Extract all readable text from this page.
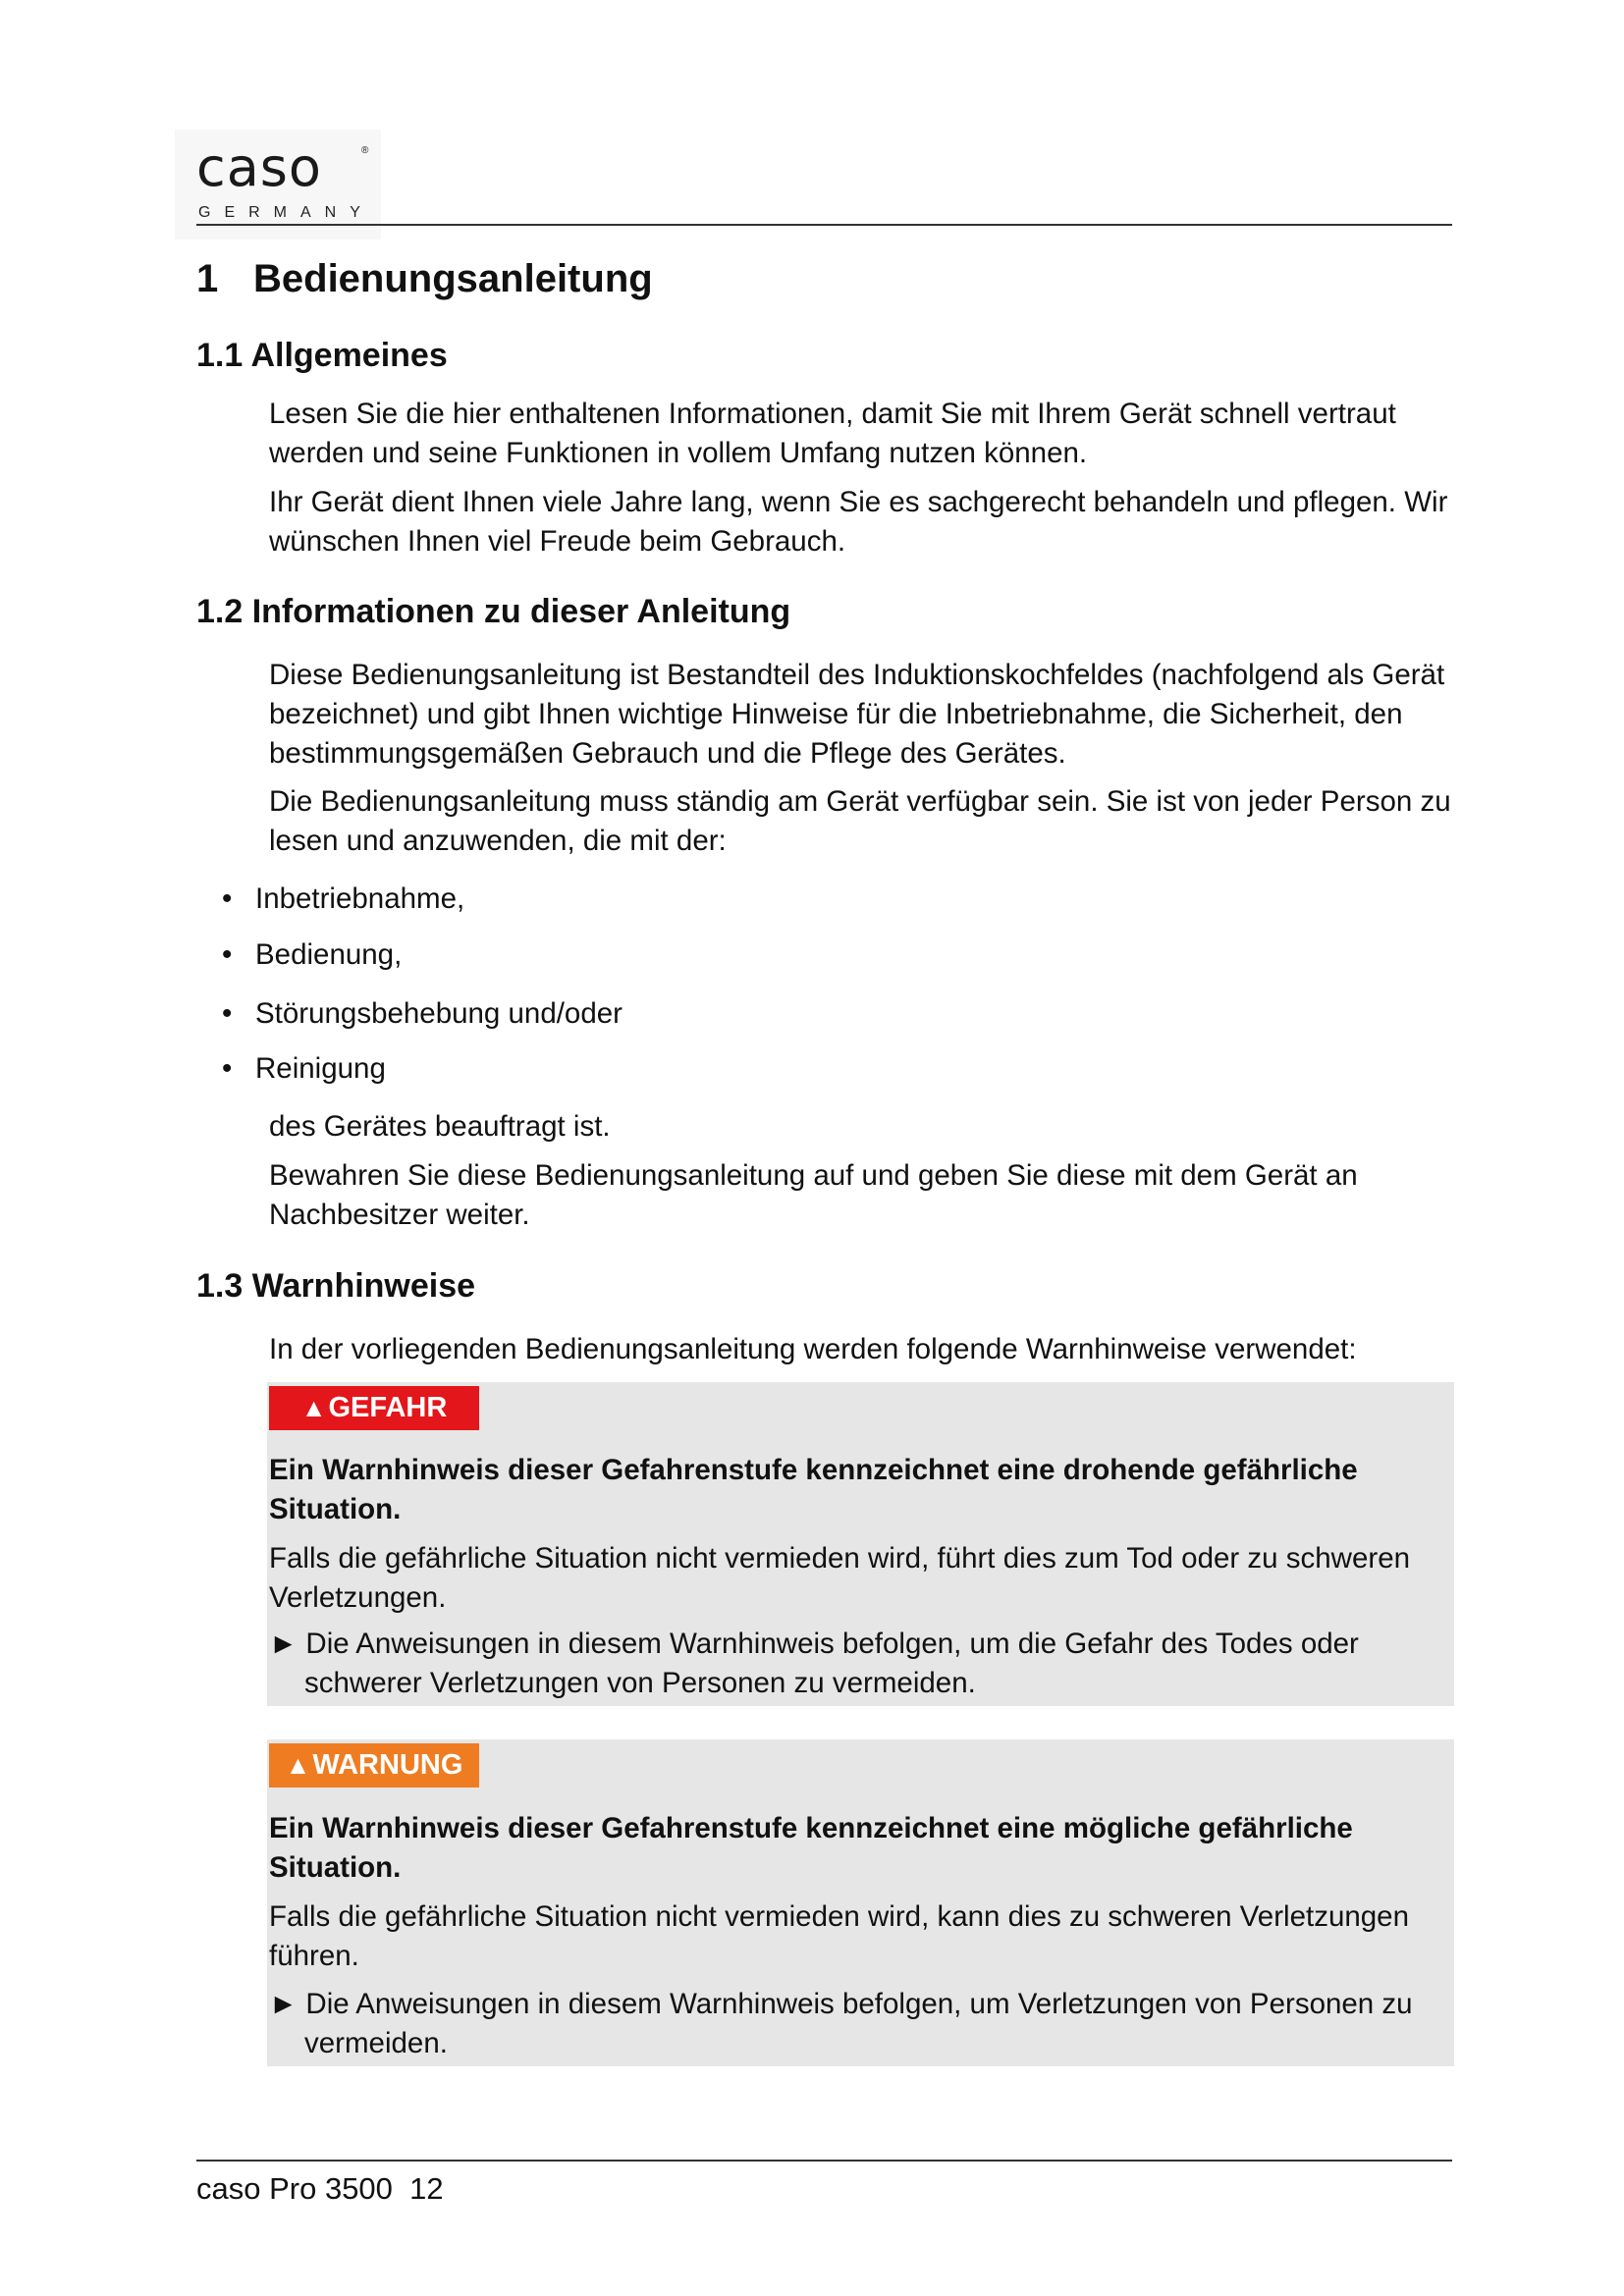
caso	®
GERMANY
1 Bedienungsanleitung
1.1 Allgemeines

Lesen Sie die hier enthaltenen Informationen, damit Sie mit Ihrem Gerät schnell vertraut werden und seine Funktionen in vollem Umfang nutzen können.

Ihr Gerät dient Ihnen viele Jahre lang, wenn Sie es sachgerecht behandeln und pflegen. Wir wünschen Ihnen viel Freude beim Gebrauch.

1.2 Informationen zu dieser Anleitung

Diese Bedienungsanleitung ist Bestandteil des Induktionskochfeldes (nachfolgend als Gerät bezeichnet) und gibt Ihnen wichtige Hinweise für die Inbetriebnahme, die Sicherheit, den bestimmungsgemäßen Gebrauch und die Pflege des Gerätes.

Die Bedienungsanleitung muss ständig am Gerät verfügbar sein. Sie ist von jeder Person zu lesen und anzuwenden, die mit der:

• Inbetriebnahme,

• Bedienung,

• Störungsbehebung und/oder

• Reinigung

des Gerätes beauftragt ist.

Bewahren Sie diese Bedienungsanleitung auf und geben Sie diese mit dem Gerät an Nachbesitzer weiter.

1.3 Warnhinweise

In der vorliegenden Bedienungsanleitung werden folgende Warnhinweise verwendet:

▲GEFAHR

Ein Warnhinweis dieser Gefahrenstufe kennzeichnet eine drohende gefährliche Situation.

Falls die gefährliche Situation nicht vermieden wird, führt dies zum Tod oder zu schweren Verletzungen.

► Die Anweisungen in diesem Warnhinweis befolgen, um die Gefahr des Todes oder schwerer Verletzungen von Personen zu vermeiden.

▲WARNUNG

Ein Warnhinweis dieser Gefahrenstufe kennzeichnet eine mögliche gefährliche Situation.

Falls die gefährliche Situation nicht vermieden wird, kann dies zu schweren Verletzungen führen.

► Die Anweisungen in diesem Warnhinweis befolgen, um Verletzungen von Personen zu vermeiden.

caso Pro 3500  12
